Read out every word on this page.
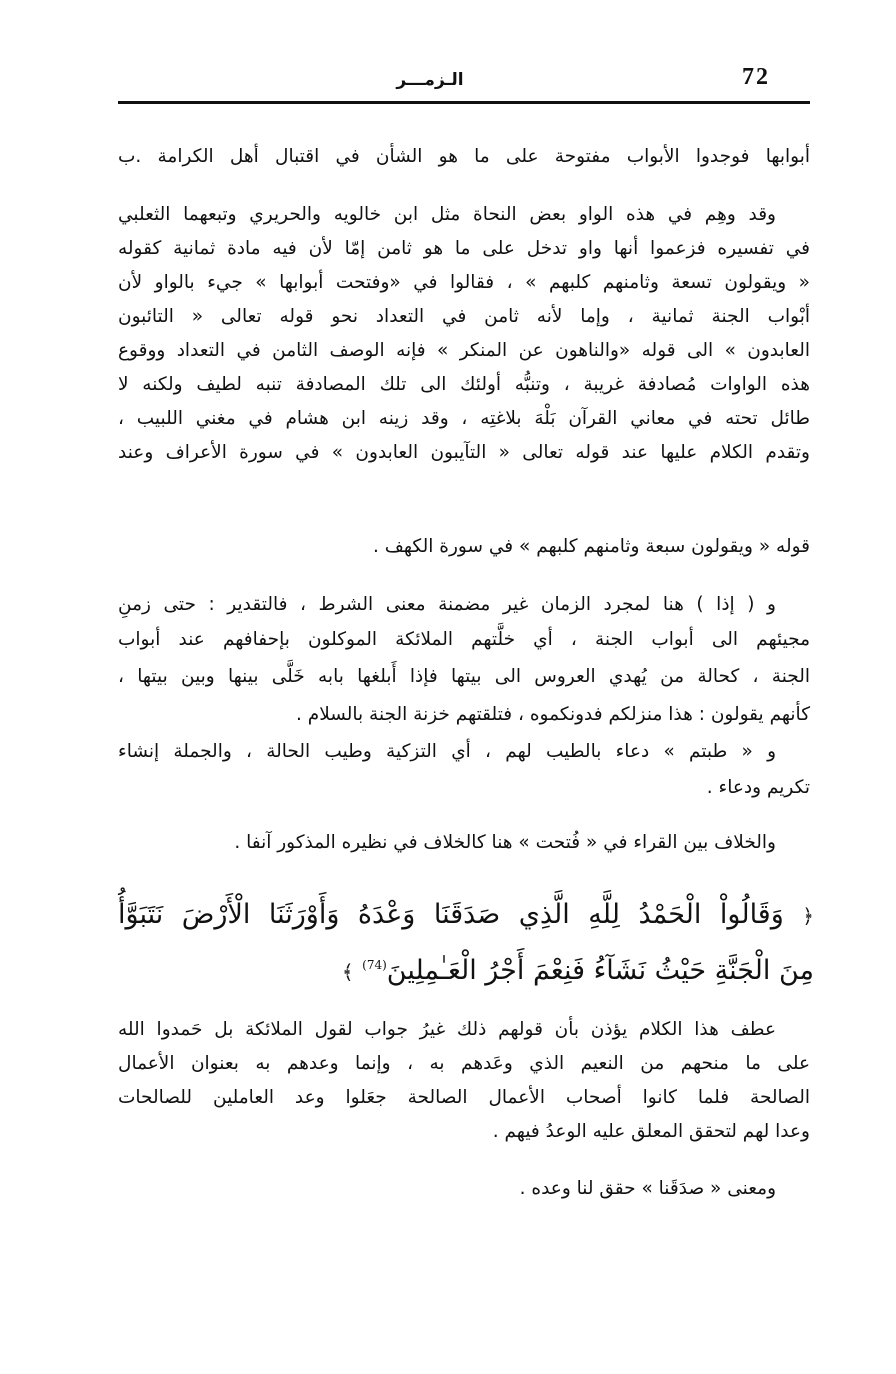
72
الـزمـــر
أبوابها فوجدوا الأبواب مفتوحة على ما هو الشأن في اقتبال أهل الكرامة .ب
وقد وهِم في هذه الواو بعض النحاة مثل ابن خالويه والحريري وتبعهما الثعلبي
في تفسيره فزعموا أنها واو تدخل على ما هو ثامن إمّا لأن فيه مادة ثمانية كقوله
« ويقولون تسعة وثامنهم كلبهم » ، فقالوا في «وفتحت أبوابها » جيء بالواو لأن
أبْواب الجنة ثمانية ، وإما لأنه ثامن في التعداد نحو قوله تعالى « التائبون
العابدون » الى قوله «والناهون عن المنكر » فإنه الوصف الثامن في التعداد ووقوع
هذه الواوات مُصادفة غريبة ، وتنبُّه أولئك الى تلك المصادفة تنبه لطيف ولكنه لا
طائل تحته في معاني القرآن بَلْهَ بلاغتِه ، وقد زينه ابن هشام في مغني اللبيب ،
وتقدم الكلام عليها عند قوله تعالى « التآيبون العابدون » في سورة الأعراف وعند
قوله « ويقولون سبعة وثامنهم كلبهم » في سورة الكهف .
و ( إذا ) هنا لمجرد الزمان غير مضمنة معنى الشرط ، فالتقدير : حتى زمنِ
مجيئهم الى أبواب الجنة ، أي خلَّتهم الملائكة الموكلون بإحفافهم عند أبواب
الجنة ، كحالة من يُهدي العروس الى بيتها فإذا أَبلغها بابه خَلَّى بينها وبين بيتها ،
كأنهم يقولون : هذا منزلكم فدونكموه ، فتلقتهم خزنة الجنة بالسلام .
و « طبتم » دعاء بالطيب لهم ، أي التزكية وطيب الحالة ، والجملة إنشاء
تكريم ودعاء .
والخلاف بين القراء في « فُتحت » هنا كالخلاف في نظيره المذكور آنفا .
﴿ وَقَالُواْ الْحَمْدُ لِلَّهِ الَّذِي صَدَقَنَا وَعْدَهُ وَأَوْرَثَنَا الْأَرْضَ نَتَبَوَّأُ
مِنَ الْجَنَّةِ حَيْثُ نَشَآءُ فَنِعْمَ أَجْرُ الْعَـٰمِلِينَ$^{(74)}$ ﴾
عطف هذا الكلام يؤذن بأن قولهم ذلك غيرُ جواب لقول الملائكة بل حَمدوا الله
على ما منحهم من النعيم الذي وعَدهم به ، وإنما وعدهم به بعنوان الأعمال
الصالحة فلما كانوا أصحاب الأعمال الصالحة جعَلوا وعد العاملين للصالحات
وعدا لهم لتحقق المعلق عليه الوعدُ فيهم .
ومعنى « صدَقَنا » حقق لنا وعده .
